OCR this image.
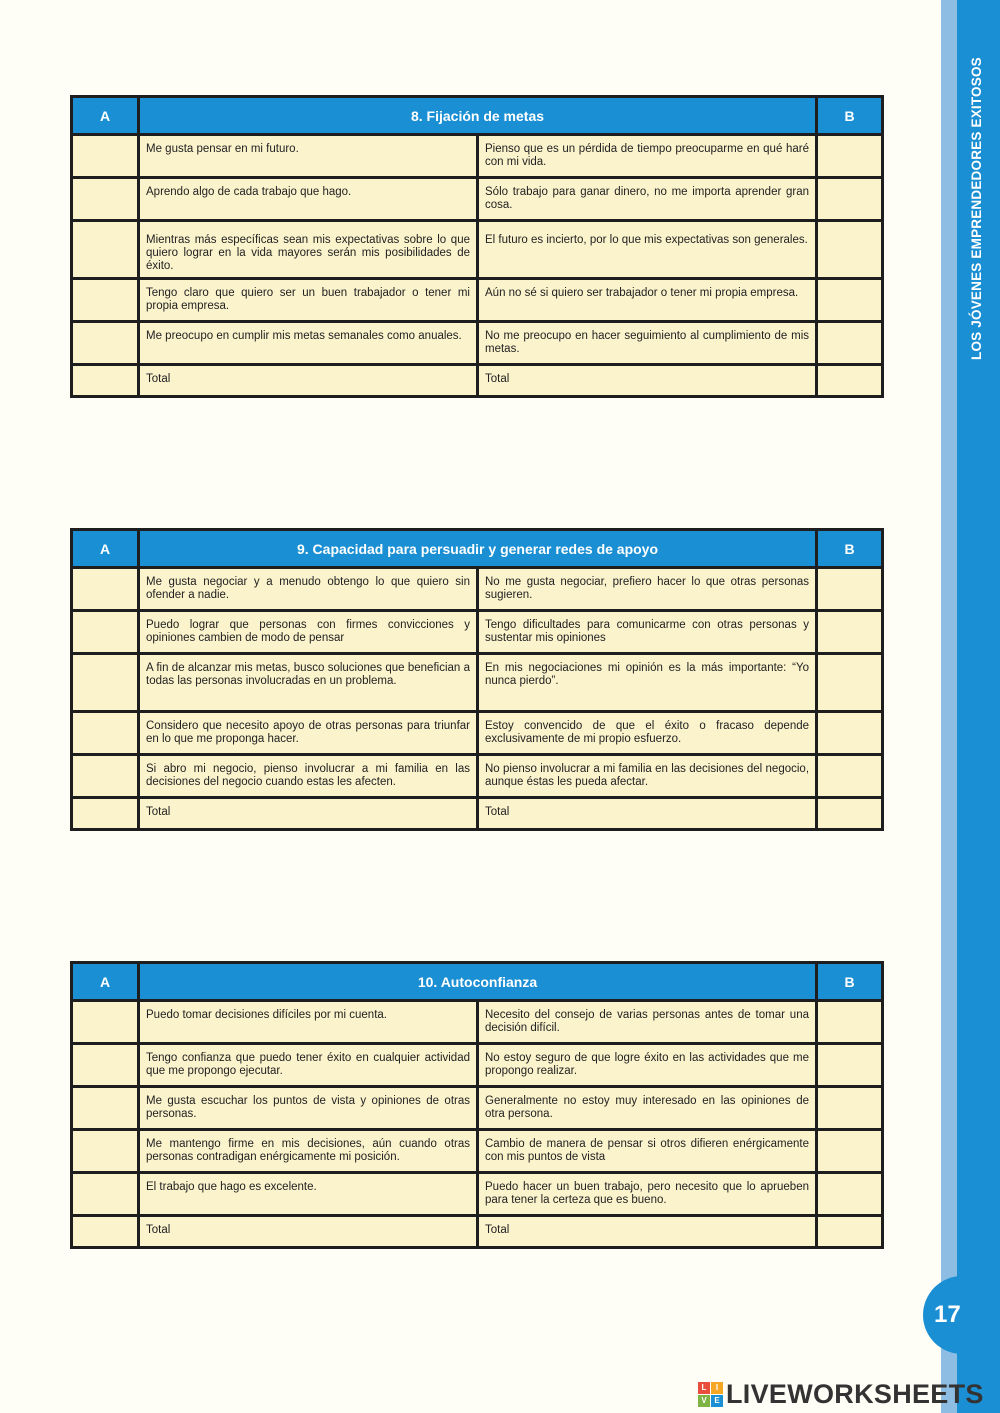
LOS JÓVENES EMPRENDEDORES EXITOSOS
17
A	8. Fijación de metas		B
	Me gusta pensar en mi futuro.	Pienso que es un pérdida de tiempo preocuparme en qué haré con mi vida.	
	Aprendo algo de cada trabajo que hago.	Sólo trabajo para ganar dinero, no me importa aprender gran cosa.	
	Mientras más específicas sean mis expectativas sobre lo que quiero lograr en la vida mayores serán mis posibilidades de éxito.	El futuro es incierto, por lo que mis expectativas son generales.	
	Tengo claro que quiero ser un buen trabajador o tener mi propia empresa.	Aún no sé si quiero ser trabajador o tener mi propia empresa.	
	Me preocupo en cumplir mis metas semanales como anuales.	No me preocupo en hacer seguimiento al cumplimiento de mis metas.	
	Total	Total	
A	9. Capacidad para persuadir y generar redes de apoyo		B
	Me gusta negociar y a menudo obtengo lo que quiero sin ofender a nadie.	No me gusta negociar, prefiero hacer lo que otras personas sugieren.	
	Puedo lograr que personas con firmes convicciones y opiniones cambien de modo de pensar	Tengo dificultades para comunicarme con otras personas y sustentar mis opiniones	
	A fin de alcanzar mis metas, busco soluciones que benefician a todas las personas involucradas en un problema.	En mis negociaciones mi opinión es la más importante: “Yo nunca pierdo”.	
	Considero que necesito apoyo de otras personas para triunfar en lo que me proponga hacer.	Estoy convencido de que el éxito o fracaso depende exclusivamente de mi propio esfuerzo.	
	Si abro mi negocio, pienso involucrar a mi familia en las decisiones del negocio cuando estas les afecten.	No pienso involucrar a mi familia en las decisiones del negocio, aunque éstas les pueda afectar.	
	Total	Total	
A	10. Autoconfianza		B
	Puedo tomar decisiones difíciles por mi cuenta.	Necesito del consejo de varias personas antes de tomar una decisión difícil.	
	Tengo confianza que puedo tener éxito en cualquier actividad que me propongo ejecutar.	No estoy seguro de que logre éxito en las actividades que me propongo realizar.	
	Me gusta escuchar los puntos de vista y opiniones de otras personas.	Generalmente no estoy muy interesado en las opiniones de otra persona.	
	Me mantengo firme en mis decisiones, aún cuando otras personas contradigan enérgicamente mi posición.	Cambio de manera de pensar si otros difieren enérgicamente con mis puntos de vista	
	El trabajo que hago es excelente.	Puedo hacer un buen trabajo, pero necesito que lo aprueben para tener la certeza que es bueno.	
	Total	Total	
L	I
V E LIVEWORKSHEETS
